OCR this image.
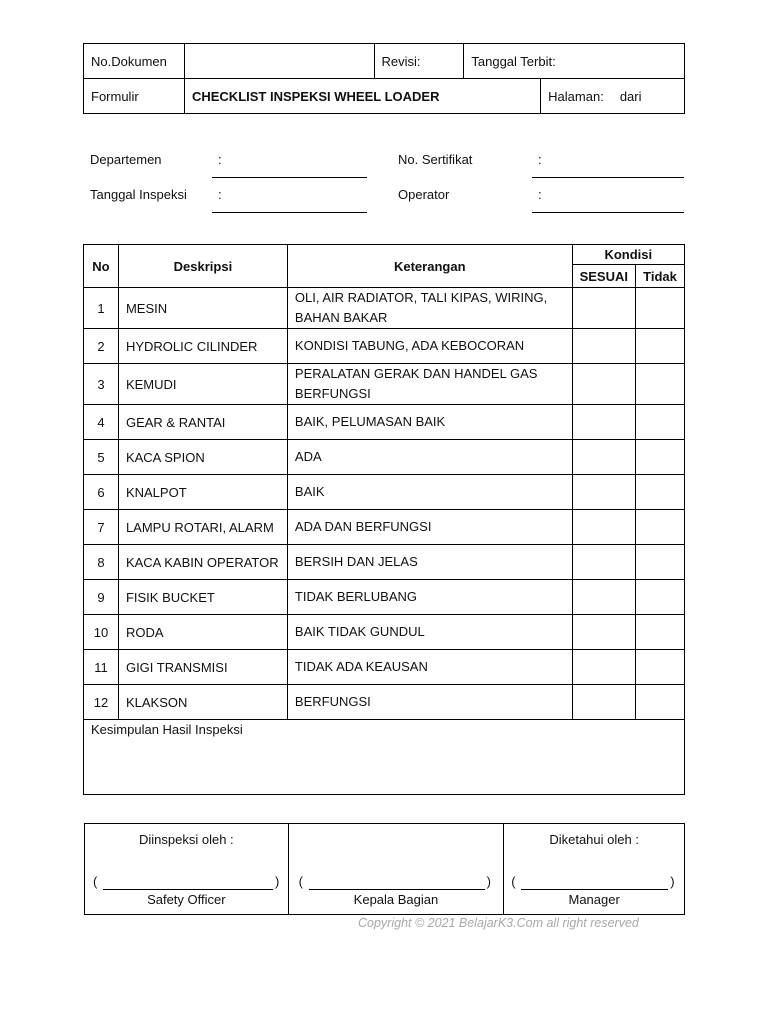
No.Dokumen		Revisi:	Tanggal Terbit:	
Formulir	CHECKLIST INSPEKSI WHEEL LOADER			Halaman: dari
Departemen	:
Tanggal Inspeksi :
No. Sertifikat	:
Operator	:
No	Deskripsi	Keterangan	Kondisi	
			SESUAI	Tidak
1	MESIN	OLI, AIR RADIATOR, TALI KIPAS, WIRING, BAHAN BAKAR		
2	HYDROLIC CILINDER	KONDISI TABUNG, ADA KEBOCORAN		
3	KEMUDI	PERALATAN GERAK DAN HANDEL GAS BERFUNGSI		
4	GEAR & RANTAI	BAIK, PELUMASAN BAIK		
5	KACA SPION	ADA		
6	KNALPOT	BAIK		
7	LAMPU ROTARI, ALARM	ADA DAN BERFUNGSI		
8	KACA KABIN OPERATOR	BERSIH DAN JELAS		
9	FISIK BUCKET	TIDAK BERLUBANG		
10	RODA	BAIK TIDAK GUNDUL		
11	GIGI TRANSMISI	TIDAK ADA KEAUSAN		
12	KLAKSON	BERFUNGSI		
Kesimpulan Hasil Inspeksi				
Diinspeksi oleh :
(	)
Safety Officer

(	)
Kepala Bagian

Diketahui oleh :
(	)
Manager
Copyright © 2021 BelajarK3.Com all right reserved
